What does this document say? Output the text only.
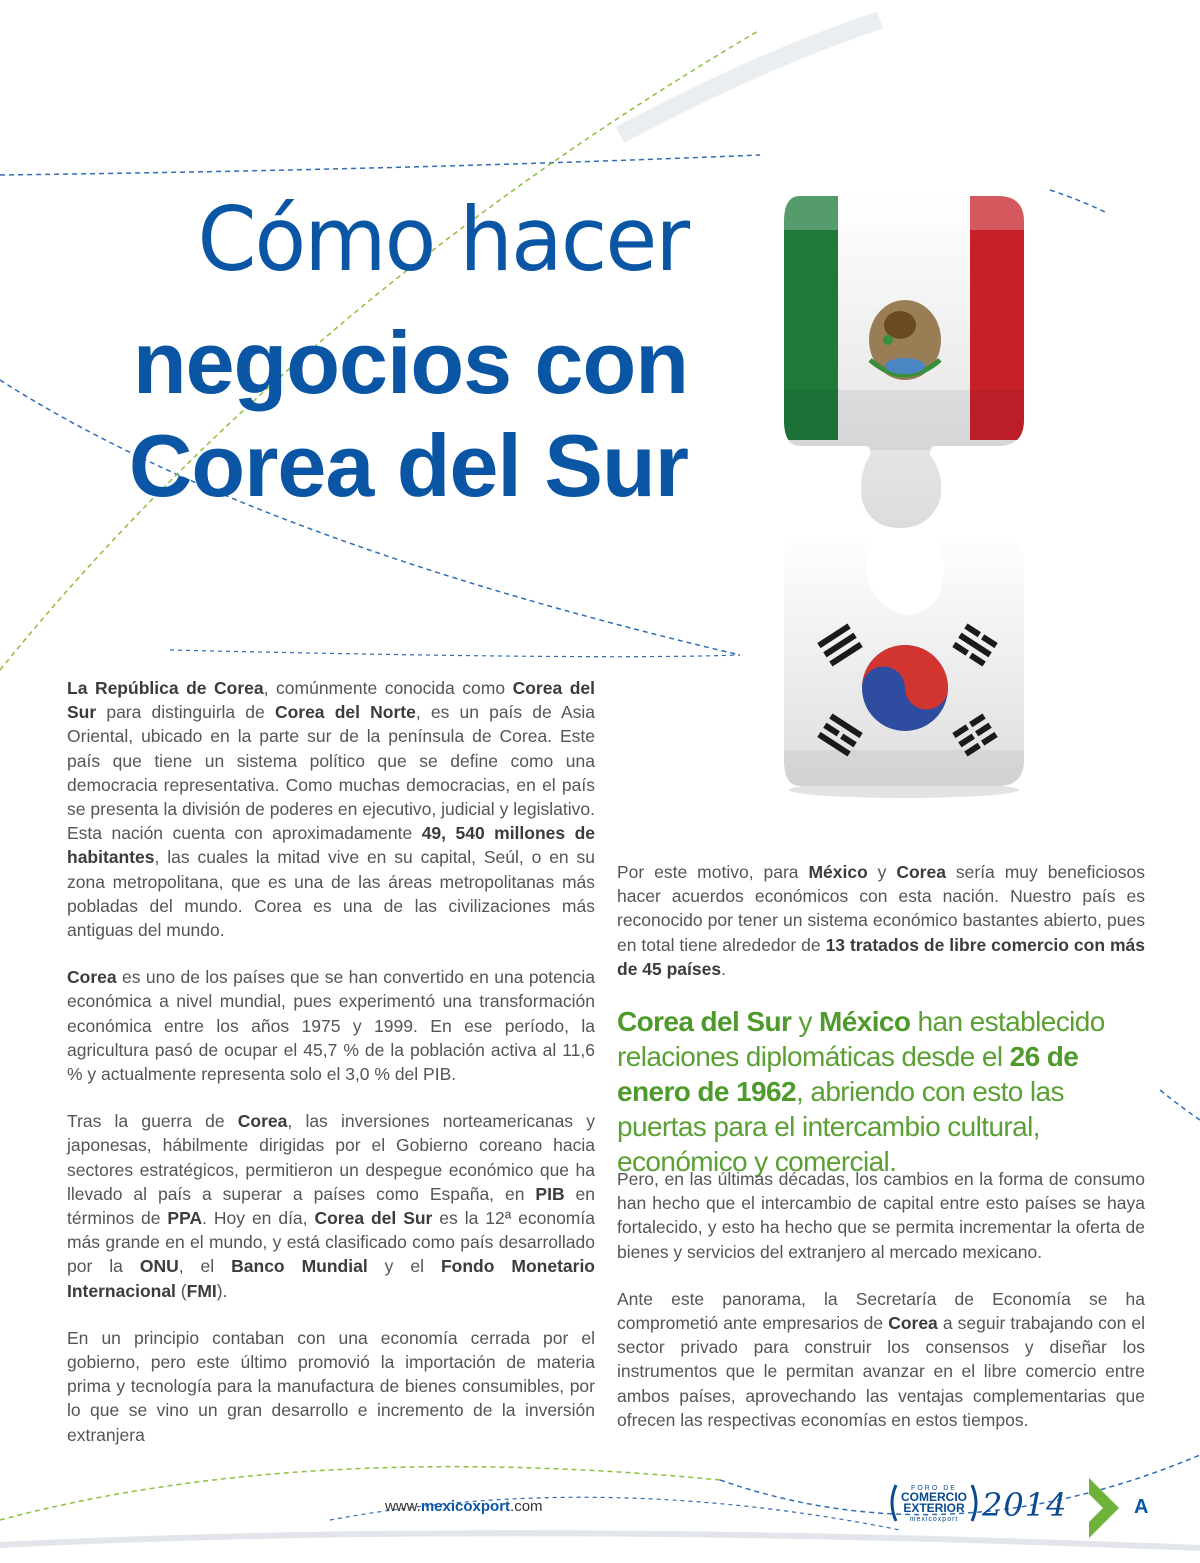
Cómo hacer
negocios con
Corea del Sur

La República de Corea, comúnmente conocida como Corea del Sur para distinguirla de Corea del Norte, es un país de Asia Oriental, ubicado en la parte sur de la península de Corea. Este país que tiene un sistema político que se define como una democracia representativa. Como muchas democracias, en el país se presenta la división de poderes en ejecutivo, judicial y legislativo. Esta nación cuenta con aproximadamente 49, 540 millones de habitantes, las cuales la mitad vive en su capital, Seúl, o en su zona metropolitana, que es una de las áreas metropolitanas más pobladas del mundo. Corea es una de las civilizaciones más antiguas del mundo.

Corea es uno de los países que se han convertido en una potencia económica a nivel mundial, pues experimentó una transformación económica entre los años 1975 y 1999. En ese período, la agricultura pasó de ocupar el 45,7 % de la población activa al 11,6 % y actualmente representa solo el 3,0 % del PIB.

Tras la guerra de Corea, las inversiones norteamericanas y japonesas, hábilmente dirigidas por el Gobierno coreano hacia sectores estratégicos, permitieron un despegue económico que ha llevado al país a superar a países como España, en PIB en términos de PPA. Hoy en día, Corea del Sur es la 12ª economía más grande en el mundo, y está clasificado como país desarrollado por la ONU, el Banco Mundial y el Fondo Monetario Internacional (FMI).

En un principio contaban con una economía cerrada por el gobierno, pero este último promovió la importación de materia prima y tecnología para la manufactura de bienes consumibles, por lo que se vino un gran desarrollo e incremento de la inversión extranjera

Por este motivo, para México y Corea sería muy beneficiosos hacer acuerdos económicos con esta nación. Nuestro país es reconocido por tener un sistema económico bastantes abierto, pues en total tiene alrededor de 13 tratados de libre comercio con más de 45 países.

Corea del Sur y México han establecido relaciones diplomáticas desde el 26 de enero de 1962, abriendo con esto las puertas para el intercambio cultural, económico y comercial.

Pero, en las últimas décadas, los cambios en la forma de consumo han hecho que el intercambio de capital entre esto países se haya fortalecido, y esto ha hecho que se permita incrementar la oferta de bienes y servicios del extranjero al mercado mexicano.

Ante este panorama, la Secretaría de Economía se ha comprometió ante empresarios de Corea a seguir trabajando con el sector privado para construir los consensos y diseñar los instrumentos que le permitan avanzar en el libre comercio entre ambos países, aprovechando las ventajas complementarias que ofrecen las respectivas economías en estos tiempos.

www.mexicoxport.com
FORO DE
COMERCIO
EXTERIOR
mexicoxport 2014	A
